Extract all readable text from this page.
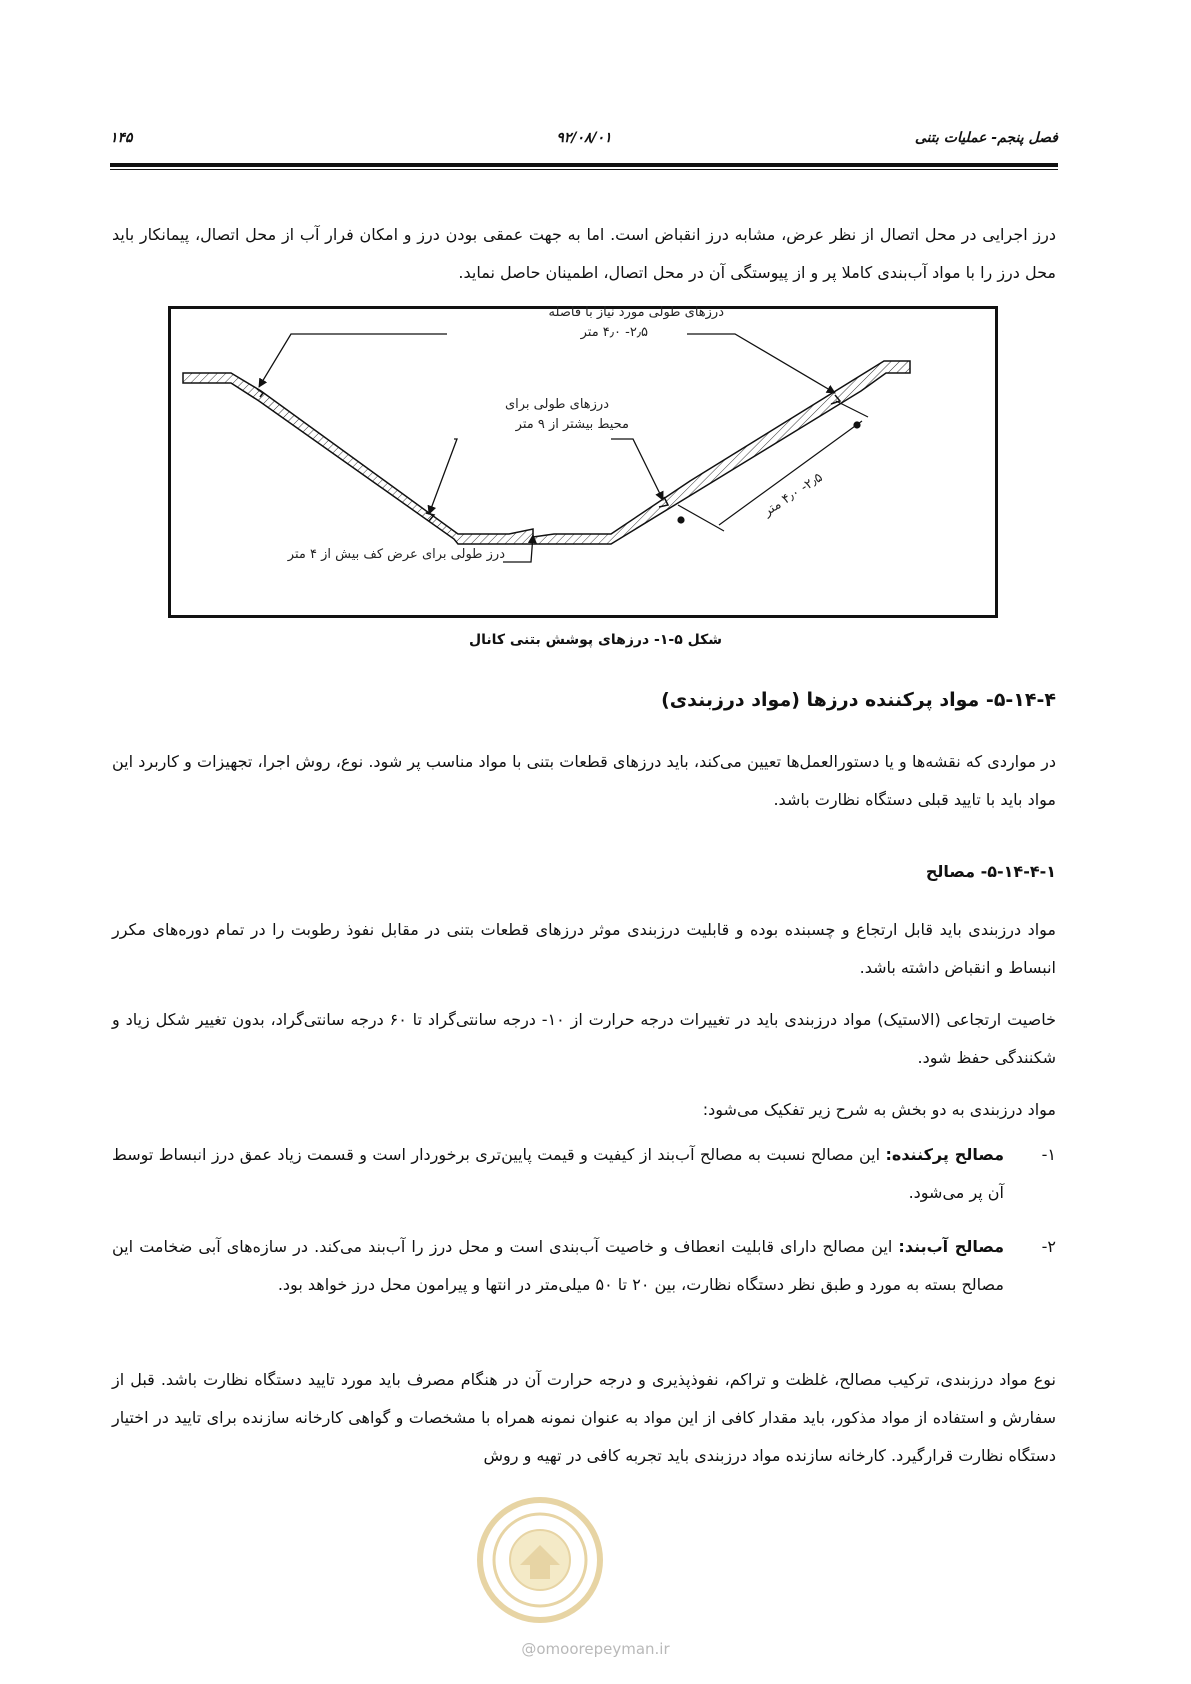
فصل پنجم- عملیات بتنی
۹۲/۰۸/۰۱
۱۴۵
درز اجرایی در محل اتصال از نظر عرض، مشابه درز انقباض است. اما به جهت عمقی بودن درز و امکان فرار آب از محل اتصال، پیمانکار باید محل درز را با مواد آب‌بندی کاملا پر و از پیوستگی آن در محل اتصال، اطمینان حاصل نماید.
درزهای طولی مورد نیاز با فاصله
۲٫۵- ۴٫۰ متر
درزهای طولی برای
محیط بیشتر از ۹ متر
۲٫۵- ۴٫۰ متر
درز طولی برای عرض کف بیش از ۴ متر
شکل ۵-۱- درزهای پوشش بتنی کانال
۵-۱۴-۴- مواد پرکننده درزها (مواد درزبندی)
در مواردی که نقشه‌ها و یا دستورالعمل‌ها تعیین می‌کند، باید درزهای قطعات بتنی با مواد مناسب پر شود. نوع، روش اجرا، تجهیزات و کاربرد این مواد باید با تایید قبلی دستگاه نظارت باشد.
۵-۱۴-۴-۱- مصالح
مواد درزبندی باید قابل ارتجاع و چسبنده بوده و قابلیت درزبندی موثر درزهای قطعات بتنی در مقابل نفوذ رطوبت را در تمام دوره‌های مکرر انبساط و انقباض داشته باشد.
خاصیت ارتجاعی (الاستیک) مواد درزبندی باید در تغییرات درجه حرارت از ۱۰- درجه سانتی‌گراد تا ۶۰ درجه سانتی‌گراد، بدون تغییر شکل زیاد و شکنندگی حفظ شود.
مواد درزبندی به دو بخش به شرح زیر تفکیک می‌شود:
۱-
مصالح پرکننده: این مصالح نسبت به مصالح آب‌بند از کیفیت و قیمت پایین‌تری برخوردار است و قسمت زیاد عمق درز انبساط توسط آن پر می‌شود.
۲-
مصالح آب‌بند: این مصالح دارای قابلیت انعطاف و خاصیت آب‌بندی است و محل درز را آب‌بند می‌کند. در سازه‌های آبی ضخامت این مصالح بسته به مورد و طبق نظر دستگاه نظارت، بین ۲۰ تا ۵۰ میلی‌متر در انتها و پیرامون محل درز خواهد بود.
نوع مواد درزبندی، ترکیب مصالح، غلظت و تراکم، نفوذپذیری و درجه حرارت آن در هنگام مصرف باید مورد تایید دستگاه نظارت باشد. قبل از سفارش و استفاده از مواد مذکور، باید مقدار کافی از این مواد به عنوان نمونه همراه با مشخصات و گواهی کارخانه سازنده برای تایید در اختیار دستگاه نظارت قرارگیرد. کارخانه سازنده مواد درزبندی باید تجربه کافی در تهیه و روش
@omoorepeyman.ir
